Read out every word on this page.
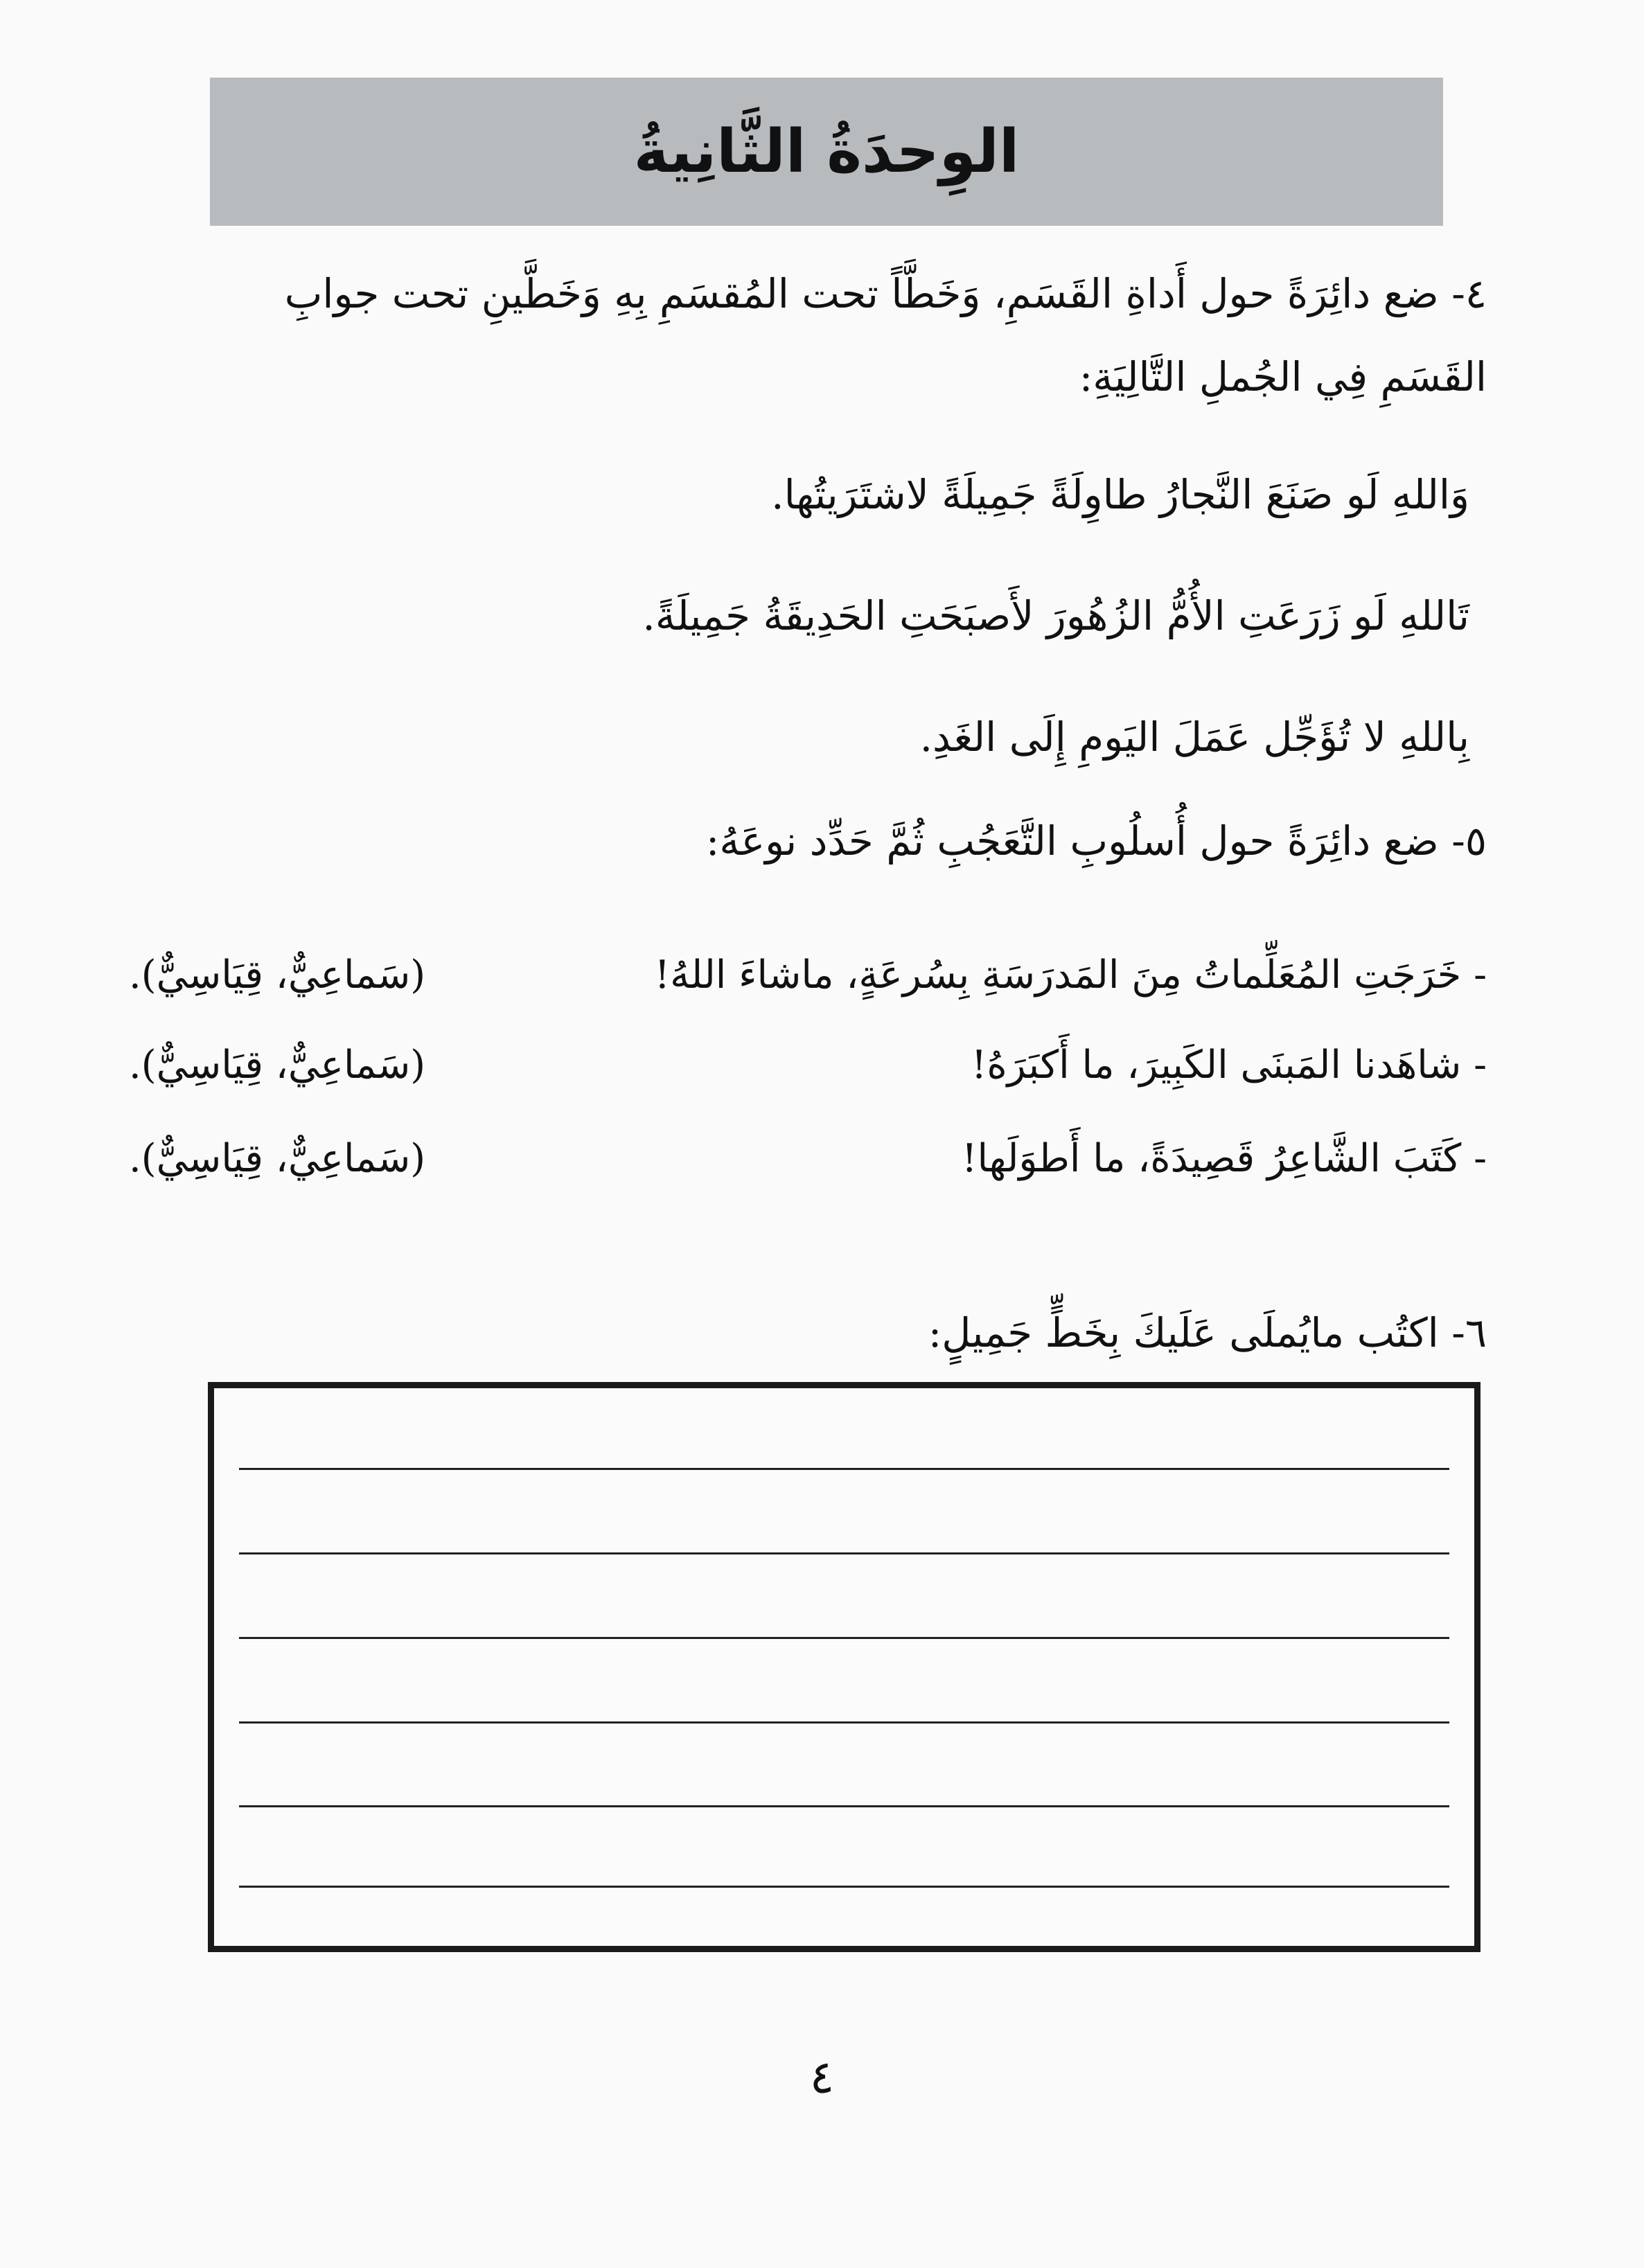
الوِحدَةُ الثَّانِيةُ
٤- ضع دائِرَةً حول أَداةِ القَسَمِ، وَخَطَّاً تحت المُقسَمِ بِهِ وَخَطَّينِ تحت جوابِ
القَسَمِ فِي الجُملِ التَّالِيَةِ:
وَاللهِ لَو صَنَعَ النَّجارُ طاوِلَةً جَمِيلَةً لاشتَرَيتُها.
تَاللهِ لَو زَرَعَتِ الأُمُّ الزُهُورَ لأَصبَحَتِ الحَدِيقَةُ جَمِيلَةً.
بِاللهِ لا تُؤَجِّل عَمَلَ اليَومِ إِلَى الغَدِ.
٥- ضع دائِرَةً حول أُسلُوبِ التَّعَجُبِ ثُمَّ حَدِّد نوعَهُ:
- خَرَجَتِ المُعَلِّماتُ مِنَ المَدرَسَةِ بِسُرعَةٍ، ماشاءَ اللهُ!
(سَماعِيٌّ، قِيَاسِيٌّ).
- شاهَدنا المَبنَى الكَبِيرَ، ما أَكبَرَهُ!
(سَماعِيٌّ، قِيَاسِيٌّ).
- كَتَبَ الشَّاعِرُ قَصِيدَةً، ما أَطوَلَها!
(سَماعِيٌّ، قِيَاسِيٌّ).
٦- اكتُب مايُملَى عَلَيكَ بِخَطٍّ جَمِيلٍ:
٤
